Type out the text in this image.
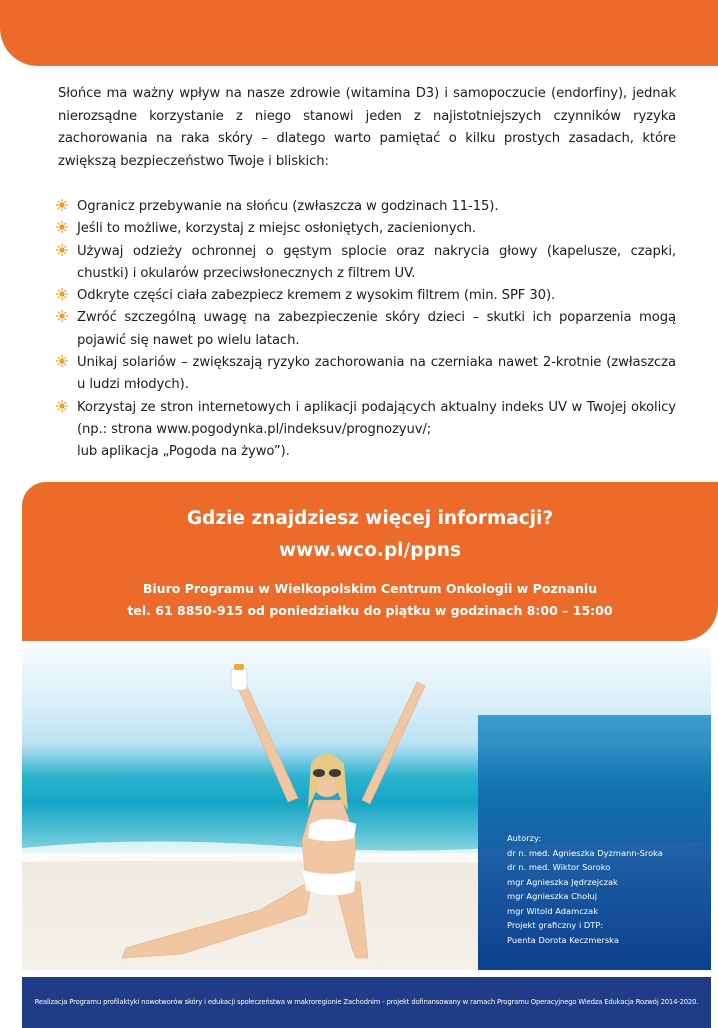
Słońce ma ważny wpływ na nasze zdrowie (witamina D3) i samopoczucie (endorfiny), jednak nierozsądne korzystanie z niego stanowi jeden z najistotniejszych czynników ryzyka zachorowania na raka skóry – dlatego warto pamiętać o kilku prostych zasadach, które zwiększą bezpieczeństwo Twoje i bliskich:

Ogranicz przebywanie na słońcu (zwłaszcza w godzinach 11-15).
Jeśli to możliwe, korzystaj z miejsc osłoniętych, zacienionych.
Używaj odzieży ochronnej o gęstym splocie oraz nakrycia głowy (kapelusze, czapki, chustki) i okularów przeciwsłonecznych z filtrem UV.
Odkryte części ciała zabezpiecz kremem z wysokim filtrem (min. SPF 30).
Zwróć szczególną uwagę na zabezpieczenie skóry dzieci – skutki ich poparzenia mogą pojawić się nawet po wielu latach.
Unikaj solariów – zwiększają ryzyko zachorowania na czerniaka nawet 2-krotnie (zwłaszcza u ludzi młodych).
Korzystaj ze stron internetowych i aplikacji podających aktualny indeks UV w Twojej okolicy (np.: strona www.pogodynka.pl/indeksuv/prognozyuv/;
lub aplikacja „Pogoda na żywo”).
Gdzie znajdziesz więcej informacji?
www.wco.pl/ppns
Biuro Programu w Wielkopolskim Centrum Onkologii w Poznaniu
tel. 61 8850-915 od poniedziałku do piątku w godzinach 8:00 – 15:00
Autorzy:
dr n. med. Agnieszka Dyzmann-Sroka
dr n. med. Wiktor Soroko
mgr Agnieszka Jędrzejczak
mgr Agnieszka Chołuj
mgr Witold Adamczak
Projekt graficzny i DTP:
Puenta Dorota Keczmerska
Realizacja Programu profilaktyki nowotworów skóry i edukacji społeczeństwa w makroregionie Zachodnim - projekt dofinansowany w ramach Programu Operacyjnego Wiedza Edukacja Rozwój 2014-2020.
